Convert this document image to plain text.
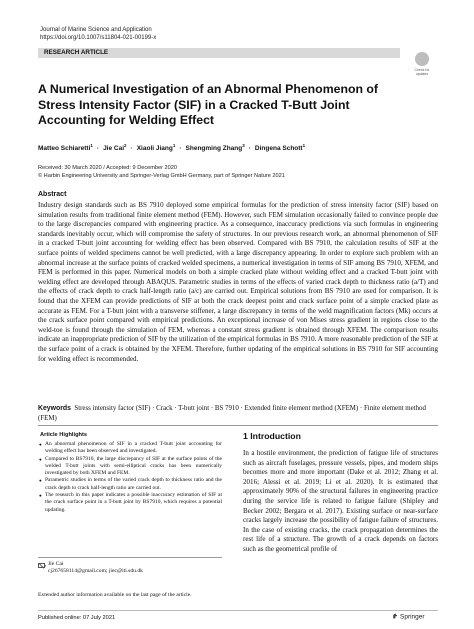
Journal of Marine Science and Application
https://doi.org/10.1007/s11804-021-00199-x
RESEARCH ARTICLE
Check for updates
A Numerical Investigation of an Abnormal Phenomenon of Stress Intensity Factor (SIF) in a Cracked T-Butt Joint Accounting for Welding Effect
Matteo Schiaretti$^1$ · Jie Cai$^2$ · Xiaoli Jiang$^1$ · Shengming Zhang$^3$ · Dingena Schott$^1$
Received: 30 March 2020 / Accepted: 9 December 2020
© Harbin Engineering University and Springer-Verlag GmbH Germany, part of Springer Nature 2021
Abstract

Industry design standards such as BS 7910 deployed some empirical formulas for the prediction of stress intensity factor (SIF) based on simulation results from traditional finite element method (FEM). However, such FEM simulation occasionally failed to convince people due to the large discrepancies compared with engineering practice. As a consequence, inaccuracy predictions via such formulas in engineering standards inevitably occur, which will compromise the safety of structures. In our previous research work, an abnormal phenomenon of SIF in a cracked T-butt joint accounting for welding effect has been observed. Compared with BS 7910, the calculation results of SIF at the surface points of welded specimens cannot be well predicted, with a large discrepancy appearing. In order to explore such problem with an abnormal increase at the surface points of cracked welded specimens, a numerical investigation in terms of SIF among BS 7910, XFEM, and FEM is performed in this paper. Numerical models on both a simple cracked plate without welding effect and a cracked T-butt joint with welding effect are developed through ABAQUS. Parametric studies in terms of the effects of varied crack depth to thickness ratio (a/T) and the effects of crack depth to crack half-length ratio (a/c) are carried out. Empirical solutions from BS 7910 are used for comparison. It is found that the XFEM can provide predictions of SIF at both the crack deepest point and crack surface point of a simple cracked plate as accurate as FEM. For a T-butt joint with a transverse stiffener, a large discrepancy in terms of the weld magnification factors (Mk) occurs at the crack surface point compared with empirical predictions. An exceptional increase of von Mises stress gradient in regions close to the weld-toe is found through the simulation of FEM, whereas a constant stress gradient is obtained through XFEM. The comparison results indicate an inappropriate prediction of SIF by the utilization of the empirical formulas in BS 7910. A more reasonable prediction of the SIF at the surface point of a crack is obtained by the XFEM. Therefore, further updating of the empirical solutions in BS 7910 for SIF accounting for welding effect is recommended.

Keywords Stress intensity factor (SIF) · Crack · T-butt joint · BS 7910 · Extended finite element method (XFEM) · Finite element method (FEM)

Article Highlights
● An abnormal phenomenon of SIF in a cracked T-butt joint accounting for welding effect has been observed and investigated.
● Compared to BS7910, the large discrepancy of SIF at the surface points of the welded T-butt joints with semi-elliptical cracks has been numerically investigated by both XFEM and FEM.
● Parametric studies in terms of the varied crack depth to thickness ratio and the crack depth to crack half-length ratio are carried out.
● The research in this paper indicates a possible inaccuracy estimation of SIF at the crack surface point in a T-butt joint by BS7910, which requires a potential updating.
Jie Cai
cj267658114@gmail.com; jiec@iti.sdu.dk
Extended author information available on the last page of the article.
1 Introduction

In a hostile environment, the prediction of fatigue life of structures such as aircraft fuselages, pressure vessels, pipes, and modern ships becomes more and more important (Dake et al. 2012; Zhang et al. 2016; Alessi et al. 2019; Li et al. 2020). It is estimated that approximately 90% of the structural failures in engineering practice during the service life is related to fatigue failure (Shipley and Becker 2002; Bergara et al. 2017). Existing surface or near-surface cracks largely increase the possibility of fatigue failure of structures. In the case of existing cracks, the crack propagation determines the rest life of a structure. The growth of a crack depends on factors such as the geometrical profile of

Published online: 07 July 2021	Springer
